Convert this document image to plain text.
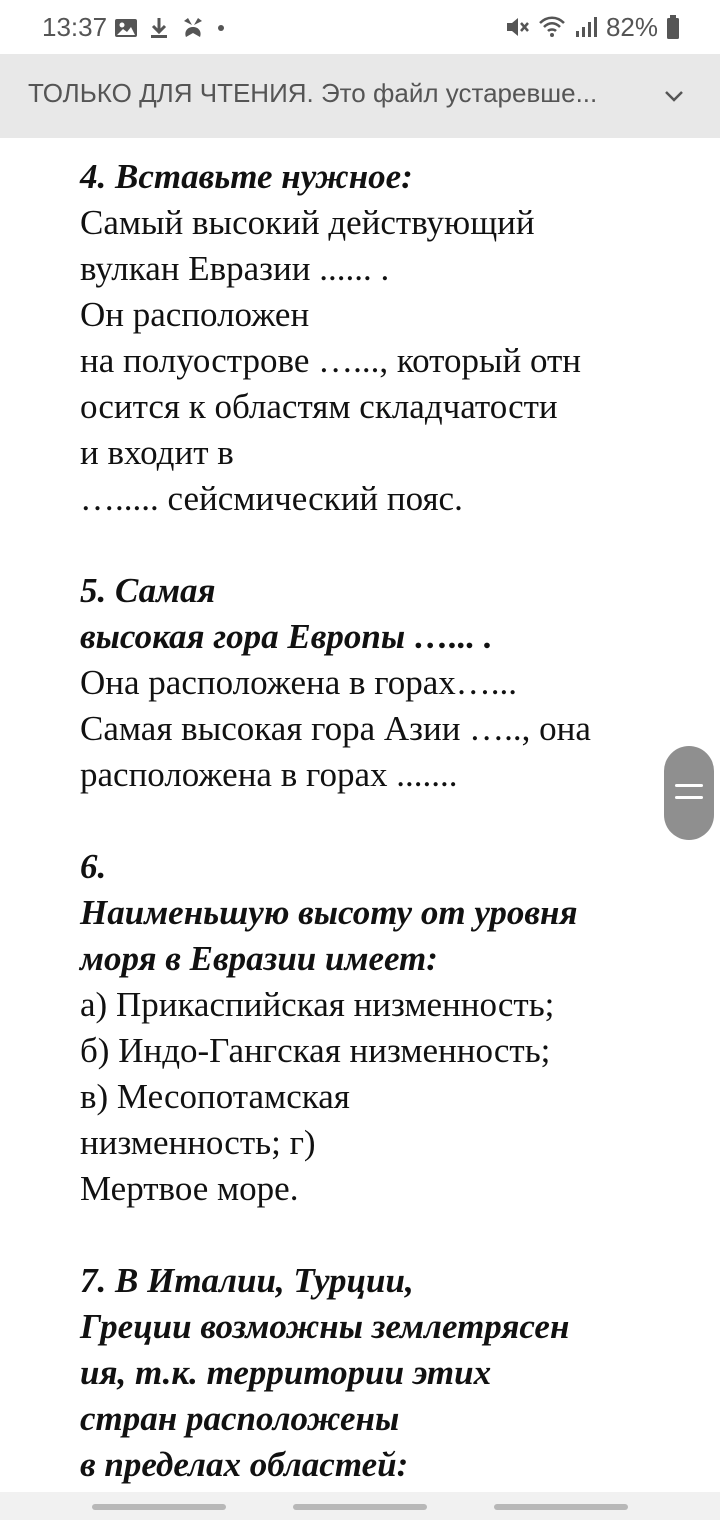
13:37	82%
ТОЛЬКО ДЛЯ ЧТЕНИЯ. Это файл устаревше...
4. Вставьте нужное:
Самый высокий действующий
вулкан Евразии ...... .
Он расположен
на полуострове …..., который отн
осится к областям складчатости
и входит в
…..... сейсмический пояс.
5. Самая
высокая гора Европы …... .
Она расположена в горах…...
Самая высокая гора Азии ….., она
расположена в горах .......
6.
Наименьшую высоту от уровня
моря в Евразии имеет:
а) Прикаспийская низменность;
б) Индо-Гангская низменность;
в) Месопотамская
низменность; г)
Мертвое море.
7. В Италии, Турции,
Греции возможны землетрясен
ия, т.к. территории этих
стран расположены
в пределах областей:
